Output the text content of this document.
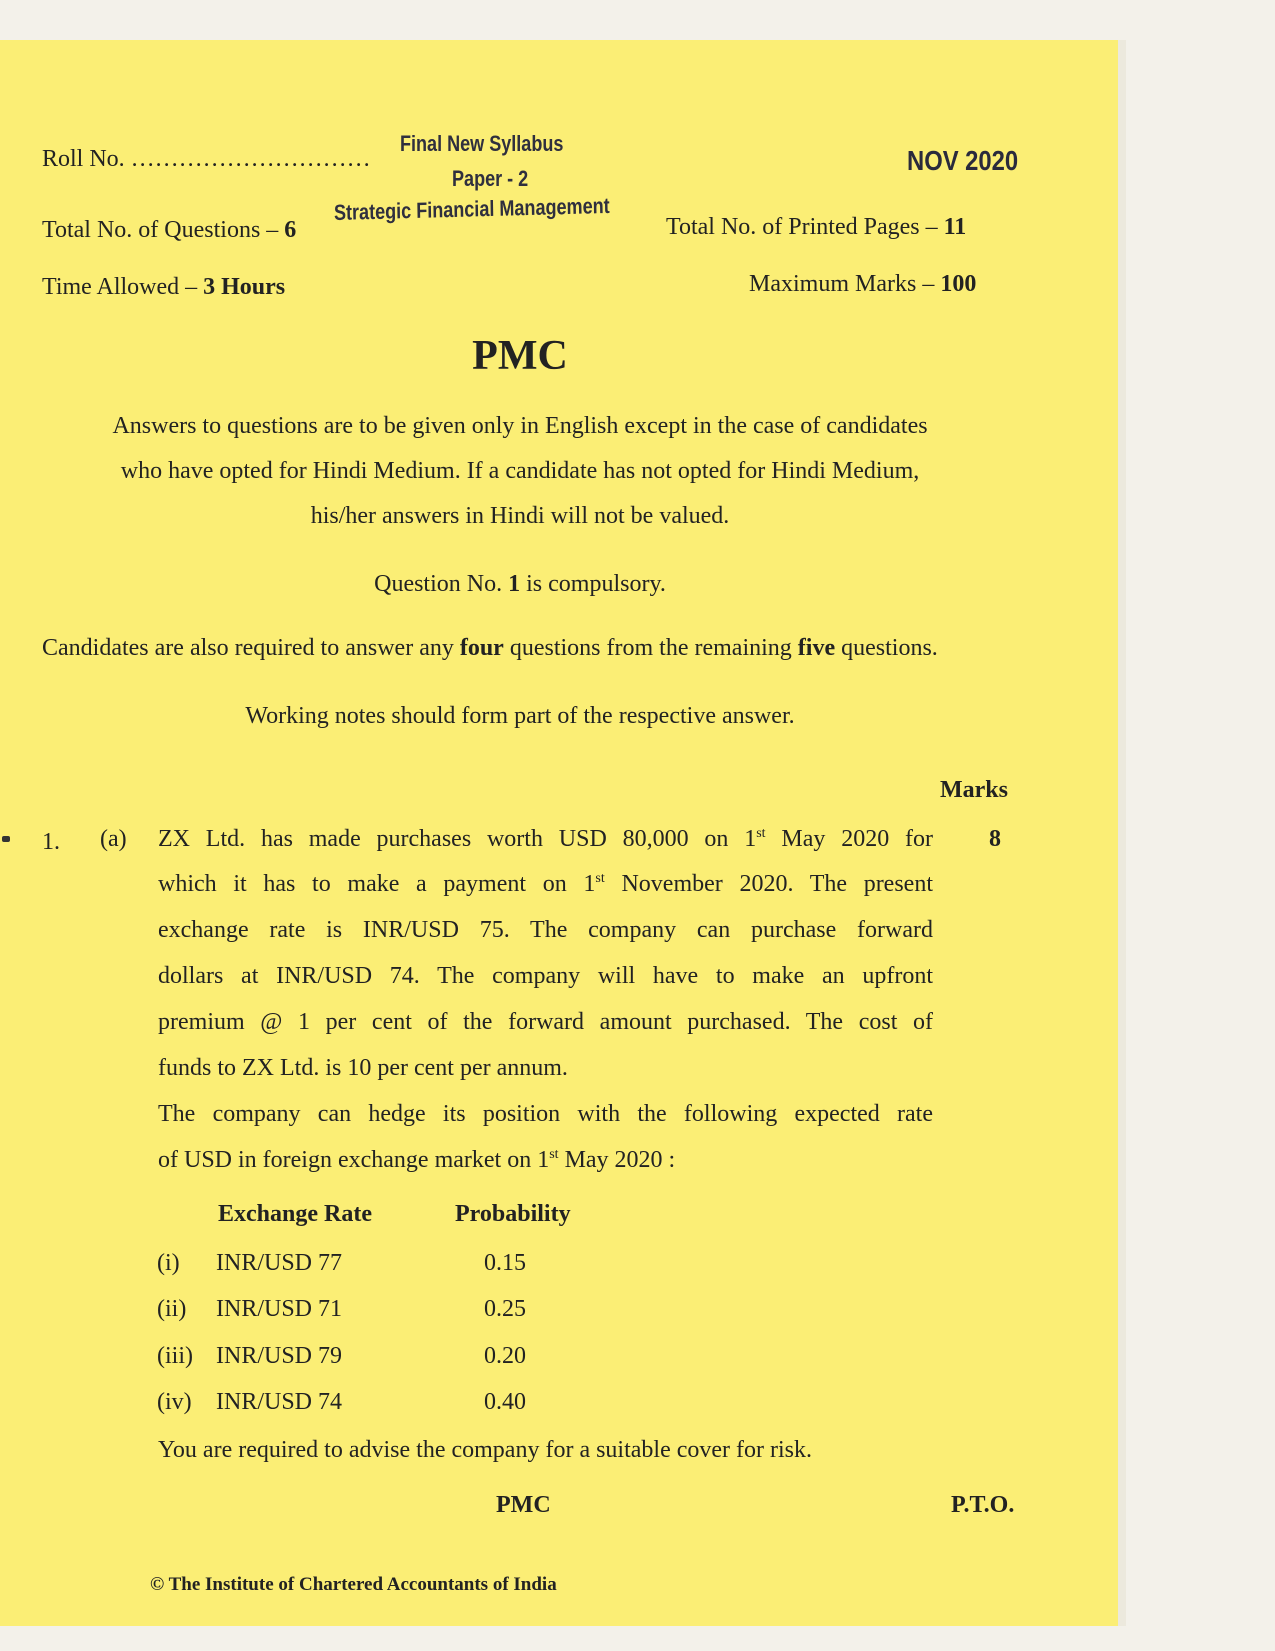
Roll No. …………………………
Final New Syllabus
Paper - 2
Strategic Financial Management
NOV 2020
Total No. of Questions – 6	Total No. of Printed Pages – 11
Time Allowed – 3 Hours	Maximum Marks – 100
PMC
Answers to questions are to be given only in English except in the case of candidates
who have opted for Hindi Medium. If a candidate has not opted for Hindi Medium,
his/her answers in Hindi will not be valued.
Question No. 1 is compulsory.
Candidates are also required to answer any four questions from the remaining five questions.
Working notes should form part of the respective answer.
Marks
1. (a)	8
ZX Ltd. has made purchases worth USD 80,000 on 1st May 2020 for
which it has to make a payment on 1st November 2020. The present
exchange rate is INR/USD 75. The company can purchase forward
dollars at INR/USD 74. The company will have to make an upfront
premium @ 1 per cent of the forward amount purchased. The cost of
funds to ZX Ltd. is 10 per cent per annum.
The company can hedge its position with the following expected rate
of USD in foreign exchange market on 1st May 2020 :
Exchange Rate	Probability
(i) INR/USD 77	0.15
(ii) INR/USD 71	0.25
(iii) INR/USD 79	0.20
(iv) INR/USD 74	0.40
You are required to advise the company for a suitable cover for risk.
PMC	P.T.O.
© The Institute of Chartered Accountants of India
